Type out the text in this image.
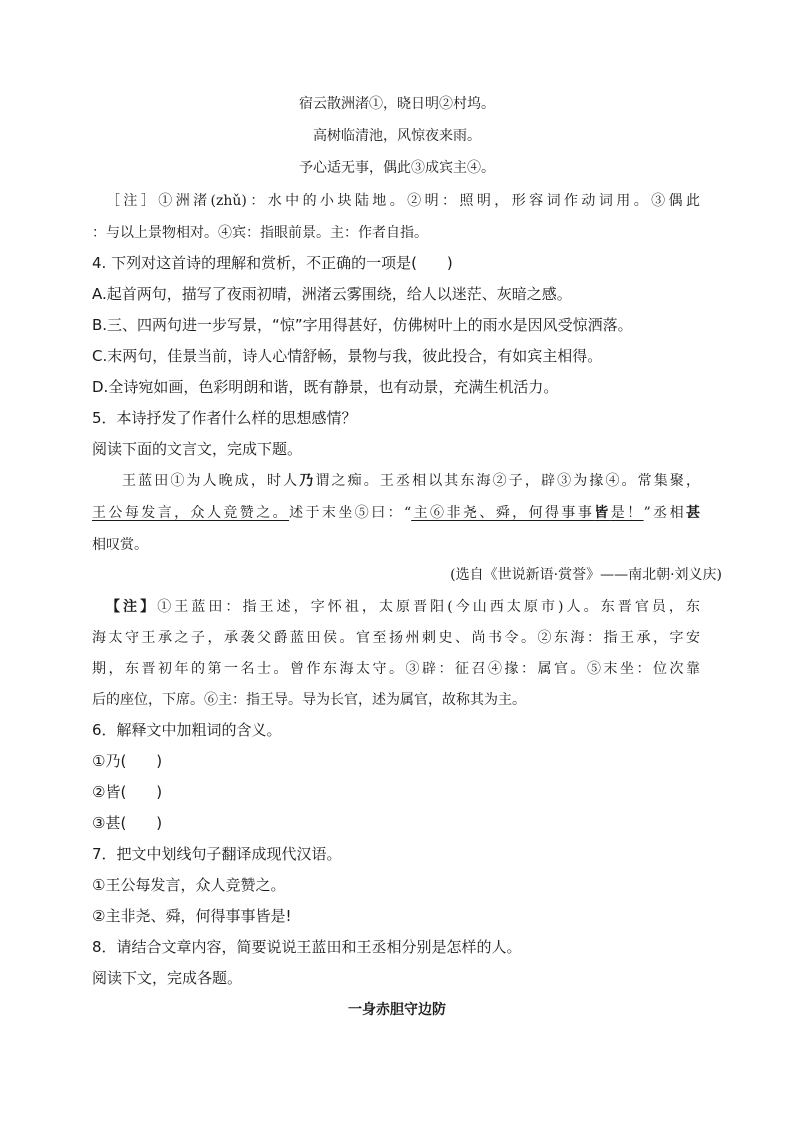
宿云散洲渚①，晓日明②村坞。
高树临清池，风惊夜来雨。
予心适无事，偶此③成宾主④。
［注］①洲渚(zhǔ)：水中的小块陆地。②明：照明，形容词作动词用。③偶此
：与以上景物相对。④宾：指眼前景。主：作者自指。
4. 下列对这首诗的理解和赏析，不正确的一项是(　　)
A.起首两句，描写了夜雨初晴，洲渚云雾围绕，给人以迷茫、灰暗之感。
B.三、四两句进一步写景，“惊”字用得甚好，仿佛树叶上的雨水是因风受惊洒落。
C.末两句，佳景当前，诗人心情舒畅，景物与我，彼此投合，有如宾主相得。
D.全诗宛如画，色彩明朗和谐，既有静景，也有动景，充满生机活力。
5．本诗抒发了作者什么样的思想感情？
阅读下面的文言文，完成下题。
王蓝田①为人晚成，时人乃谓之痴。王丞相以其东海②子，辟③为掾④。常集聚，
王公每发言，众人竞赞之。述于末坐⑤曰：“主⑥非尧、舜，何得事事皆是！”丞相甚
相叹赏。
(选自《世说新语·赏誉》——南北朝·刘义庆)
【注】①王蓝田：指王述，字怀祖，太原晋阳(今山西太原市)人。东晋官员，东
海太守王承之子，承袭父爵蓝田侯。官至扬州刺史、尚书令。②东海：指王承，字安
期，东晋初年的第一名士。曾作东海太守。③辟：征召④掾：属官。⑤末坐：位次靠
后的座位，下席。⑥主：指王导。导为长官，述为属官，故称其为主。
6．解释文中加粗词的含义。
①乃(　　)
②皆(　　)
③甚(　　)
7．把文中划线句子翻译成现代汉语。
①王公每发言，众人竞赞之。
②主非尧、舜，何得事事皆是!
8．请结合文章内容，简要说说王蓝田和王丞相分别是怎样的人。
阅读下文，完成各题。
一身赤胆守边防
